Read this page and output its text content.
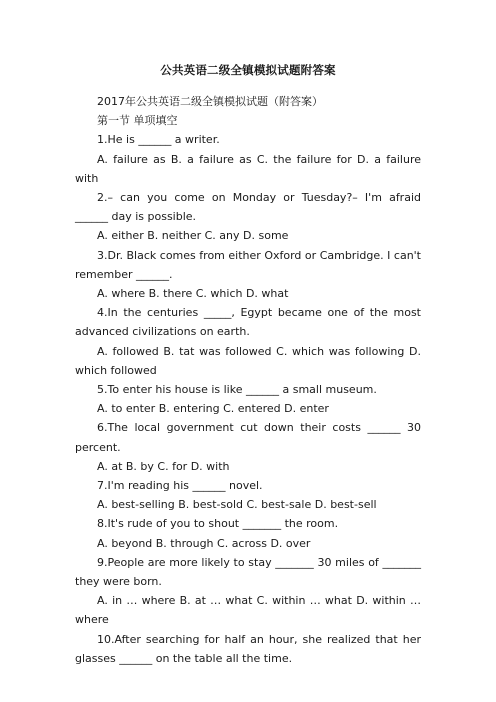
公共英语二级全镇模拟试题附答案

2017年公共英语二级全镇模拟试题（附答案）

第一节 单项填空

1.He is ______ a writer.

A. failure as B. a failure as C. the failure for D. a failure with

2.– can you come on Monday or Tuesday?– I'm afraid ______ day is possible.

A. either B. neither C. any D. some

3.Dr. Black comes from either Oxford or Cambridge. I can't remember ______.

A. where B. there C. which D. what

4.In the centuries _____, Egypt became one of the most advanced civilizations on earth.

A. followed B. tat was followed C. which was following D. which followed

5.To enter his house is like ______ a small museum.

A. to enter B. entering C. entered D. enter

6.The local government cut down their costs ______ 30 percent.

A. at B. by C. for D. with

7.I'm reading his ______ novel.

A. best-selling B. best-sold C. best-sale D. best-sell

8.It's rude of you to shout _______ the room.

A. beyond B. through C. across D. over

9.People are more likely to stay _______ 30 miles of _______ they were born.

A. in … where B. at … what C. within … what D. within … where

10.After searching for half an hour, she realized that her glasses ______ on the table all the time.
